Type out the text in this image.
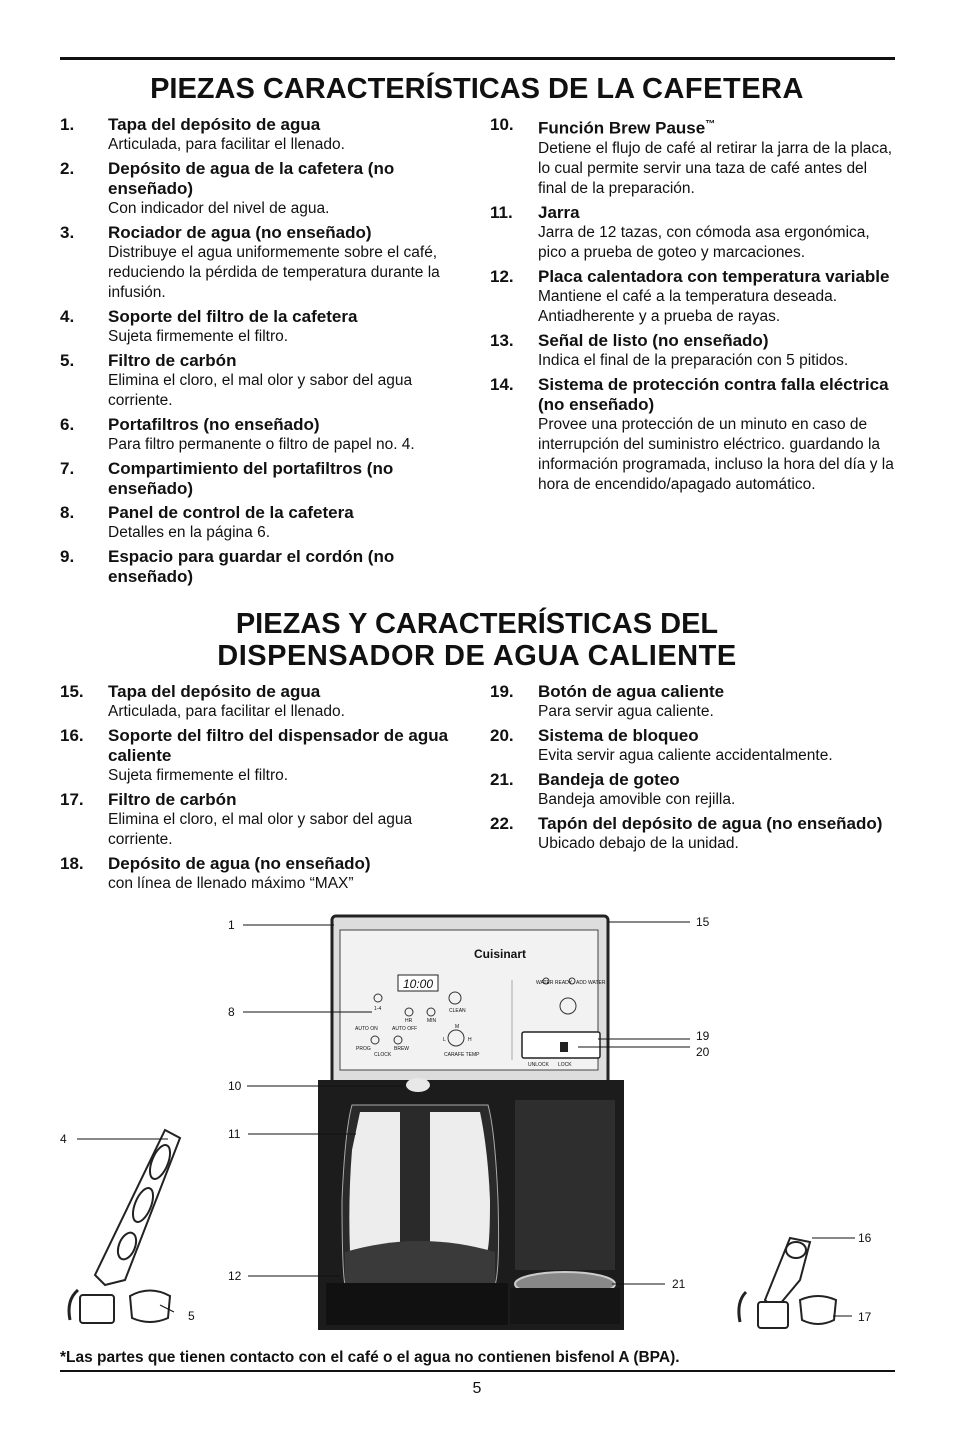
PIEZAS CARACTERÍSTICAS DE LA CAFETERA
1. Tapa del depósito de agua
Articulada, para facilitar el llenado.
2. Depósito de agua de la cafetera (no enseñado)
Con indicador del nivel de agua.
3. Rociador de agua (no enseñado)
Distribuye el agua uniformemente sobre el café, reduciendo la pérdida de temperatura durante la infusión.
4. Soporte del filtro de la cafetera
Sujeta firmemente el filtro.
5. Filtro de carbón
Elimina el cloro, el mal olor y sabor del agua corriente.
6. Portafiltros (no enseñado)
Para filtro permanente o filtro de papel no. 4.
7. Compartimiento del portafiltros (no enseñado)
8. Panel de control de la cafetera
Detalles en la página 6.
9. Espacio para guardar el cordón (no enseñado)
10. Función Brew Pause™
Detiene el flujo de café al retirar la jarra de la placa, lo cual permite servir una taza de café antes del final de la preparación.
11. Jarra
Jarra de 12 tazas, con cómoda asa ergonómica, pico a prueba de goteo y marcaciones.
12. Placa calentadora con temperatura variable
Mantiene el café a la temperatura deseada. Antiadherente y a prueba de rayas.
13. Señal de listo (no enseñado)
Indica el final de la preparación con 5 pitidos.
14. Sistema de protección contra falla eléctrica (no enseñado)
Provee una protección de un minuto en caso de interrupción del suministro eléctrico. guardando la información programada, incluso la hora del día y la hora de encendido/apagado automático.
PIEZAS Y CARACTERÍSTICAS DEL
DISPENSADOR DE AGUA CALIENTE
15. Tapa del depósito de agua
Articulada, para facilitar el llenado.
16. Soporte del filtro del dispensador de agua caliente
Sujeta firmemente el filtro.
17. Filtro de carbón
Elimina el cloro, el mal olor y sabor del agua corriente.
18. Depósito de agua (no enseñado)
con línea de llenado máximo “MAX”
19. Botón de agua caliente
Para servir agua caliente.
20. Sistema de bloqueo
Evita servir agua caliente accidentalmente.
21. Bandeja de goteo
Bandeja amovible con rejilla.
22. Tapón del depósito de agua (no enseñado)
Ubicado debajo de la unidad.
Cuisinart
10:00
1
8
10
11
12
4
5
15
19
20
21
16
17
1-4
HR	MIN
CLEAN
AUTO ON	AUTO OFF
PROG
CLOCK
BREW
CARAFE TEMP
L
M
H
WATER READY ADD WATER
UNLOCK LOCK
*Las partes que tienen contacto con el café o el agua no contienen bisfenol A (BPA).
5
